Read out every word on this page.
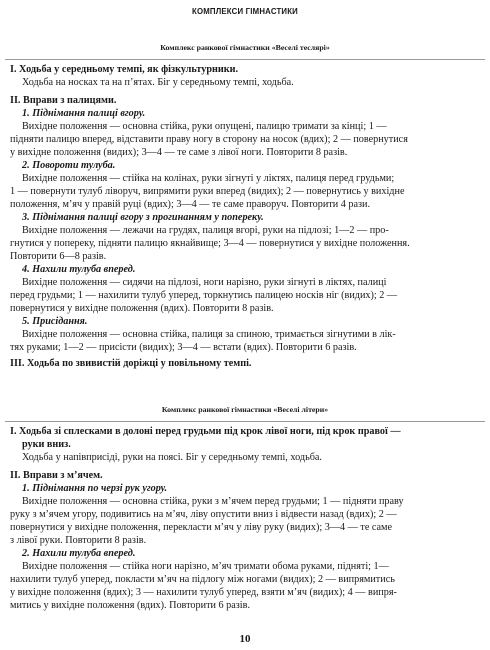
КОМПЛЕКСИ ГІМНАСТИКИ
Комплекс ранкової гімнастики «Веселі теслярі»
I. Ходьба у середньому темпі, як фізкультурники.
Ходьба на носках та на п’ятах. Біг у середньому темпі, ходьба.
II. Вправи з палицями.
1. Піднімання палиці вгору.
Вихідне положення — основна стійка, руки опущені, палицю тримати за кінці; 1 —
підняти палицю вперед, відставити праву ногу в сторону на носок (вдих); 2 — повернутися
у вихідне положення (видих); 3—4 — те саме з лівої ноги. Повторити 8 разів.
2. Повороти тулуба.
Вихідне положення — стійка на колінах, руки зігнуті у ліктях, палиця перед грудьми;
1 — повернути тулуб ліворуч, випрямити руки вперед (видих); 2 — повернутись у вихідне
положення, м’яч у правій руці (вдих); 3—4 — те саме праворуч. Повторити 4 рази.
3. Піднімання палиці вгору з прогинанням у попереку.
Вихідне положення — лежачи на грудях, палиця вгорі, руки на підлозі; 1—2 — про-
гнутися у попереку, підняти палицю якнайвище; 3—4 — повернутися у вихідне положення.
Повторити 6—8 разів.
4. Нахили тулуба вперед.
Вихідне положення — сидячи на підлозі, ноги нарізно, руки зігнуті в ліктях, палиці
перед грудьми; 1 — нахилити тулуб уперед, торкнутись палицею носків ніг (видих); 2 —
повернутися у вихідне положення (вдих). Повторити 8 разів.
5. Присідання.
Вихідне положення — основна стійка, палиця за спиною, тримається зігнутими в лік-
тях руками; 1—2 — присісти (видих); 3—4 — встати (вдих). Повторити 6 разів.
III. Ходьба по звивистій доріжці у повільному темпі.
Комплекс ранкової гімнастики «Веселі літери»
I. Ходьба зі сплесками в долоні перед грудьми під крок лівої ноги, під крок правої —
руки вниз.
Ходьба у напівприсіді, руки на поясі. Біг у середньому темпі, ходьба.
II. Вправи з м’ячем.
1. Піднімання по черзі рук угору.
Вихідне положення — основна стійка, руки з м’ячем перед грудьми; 1 — підняти праву
руку з м’ячем угору, подивитись на м’яч, ліву опустити вниз і відвести назад (вдих); 2 —
повернутися у вихідне положення, перекласти м’яч у ліву руку (видих); 3—4 — те саме
з лівої руки. Повторити 8 разів.
2. Нахили тулуба вперед.
Вихідне положення — стійка ноги нарізно, м’яч тримати обома руками, підняті; 1—
нахилити тулуб уперед, покласти м’яч на підлогу між ногами (видих); 2 — випрямитись
у вихідне положення (вдих); 3 — нахилити тулуб уперед, взяти м’яч (видих); 4 — випря-
митись у вихідне положення (вдих). Повторити 6 разів.
10
